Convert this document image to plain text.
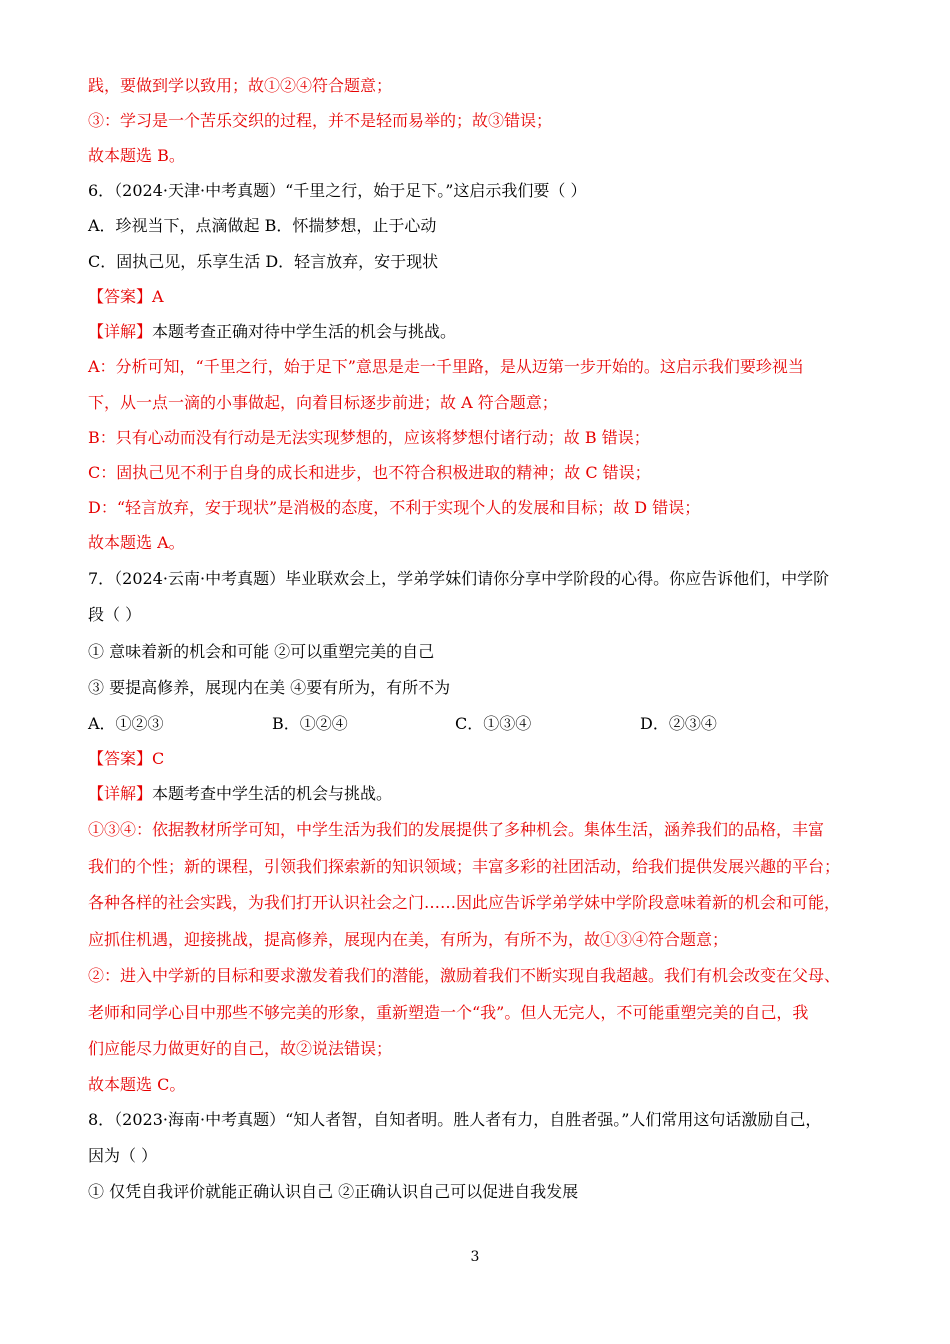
践，要做到学以致用；故①②④符合题意；
③：学习是一个苦乐交织的过程，并不是轻而易举的；故③错误；
故本题选 B。
6．（2024·天津·中考真题）“千里之行，始于足下。”这启示我们要（ ）
A．珍视当下，点滴做起 B．怀揣梦想，止于心动
C．固执己见，乐享生活 D．轻言放弃，安于现状
【答案】A
【详解】本题考查正确对待中学生活的机会与挑战。
A：分析可知，“千里之行，始于足下”意思是走一千里路，是从迈第一步开始的。这启示我们要珍视当
下，从一点一滴的小事做起，向着目标逐步前进；故 A 符合题意；
B：只有心动而没有行动是无法实现梦想的，应该将梦想付诸行动；故 B 错误；
C：固执己见不利于自身的成长和进步，也不符合积极进取的精神；故 C 错误；
D：“轻言放弃，安于现状”是消极的态度，不利于实现个人的发展和目标；故 D 错误；
故本题选 A。
7．（2024·云南·中考真题）毕业联欢会上，学弟学妹们请你分享中学阶段的心得。你应告诉他们，中学阶
段（ ）
① 意味着新的机会和可能 ②可以重塑完美的自己
③ 要提高修养，展现内在美 ④要有所为，有所不为
A．①②③	B．①②④	C．①③④	D．②③④
【答案】C
【详解】本题考查中学生活的机会与挑战。
①③④：依据教材所学可知，中学生活为我们的发展提供了多种机会。集体生活，涵养我们的品格，丰富
我们的个性；新的课程，引领我们探索新的知识领域；丰富多彩的社团活动，给我们提供发展兴趣的平台；
各种各样的社会实践，为我们打开认识社会之门……因此应告诉学弟学妹中学阶段意味着新的机会和可能，
应抓住机遇，迎接挑战，提高修养，展现内在美，有所为，有所不为，故①③④符合题意；
②：进入中学新的目标和要求激发着我们的潜能，激励着我们不断实现自我超越。我们有机会改变在父母、
老师和同学心目中那些不够完美的形象，重新塑造一个“我”。但人无完人，不可能重塑完美的自己，我
们应能尽力做更好的自己，故②说法错误；
故本题选 C。
8．（2023·海南·中考真题）“知人者智，自知者明。胜人者有力，自胜者强。”人们常用这句话激励自己，
因为（ ）
① 仅凭自我评价就能正确认识自己 ②正确认识自己可以促进自我发展
3
